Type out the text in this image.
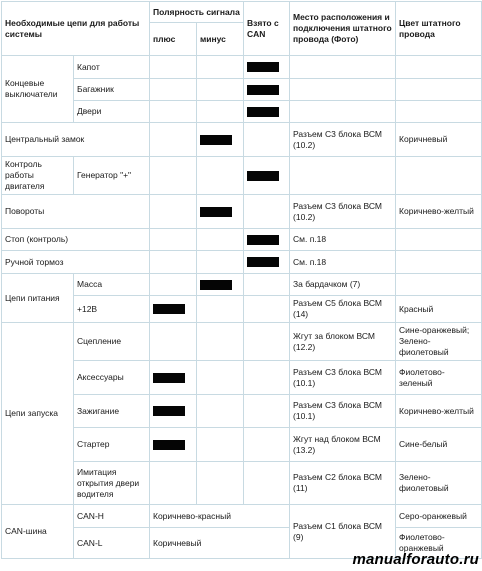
Необходимые цепи для работы системы		Полярность сигнала		Взято с CAN	Место расположения и подключения штатного провода (Фото)	Цвет штатного провода
		плюс	минус			
Концевые выключатели	Капот					
	Багажник					
	Двери					
Центральный замок					Разъем С3 блока ВСМ (10.2)	Коричневый
Контроль работы двигателя	Генератор "+"					
Повороты					Разъем С3 блока ВСМ (10.2)	Коричнево-желтый
Стоп (контроль)					См. п.18	
Ручной тормоз					См. п.18	
Цепи питания	Масса				За бардачком (7)	
	+12В				Разъем С5 блока ВСМ (14)	Красный
Цепи запуска	Сцепление				Жгут за блоком ВСМ (12.2)	Сине-оранжевый; Зелено-фиолетовый
	Аксессуары				Разъем С3 блока ВСМ (10.1)	Фиолетово-зеленый
	Зажигание				Разъем С3 блока ВСМ (10.1)	Коричнево-желтый
	Стартер				Жгут над блоком ВСМ (13.2)	Сине-белый
	Имитация открытия двери водителя				Разъем С2 блока ВСМ (11)	Зелено-фиолетовый
CAN-шина	CAN-H	Коричнево-красный			Разъем С1 блока ВСМ (9)	Серо-оранжевый
	CAN-L	Коричневый				Фиолетово-оранжевый
manualforauto.ru
